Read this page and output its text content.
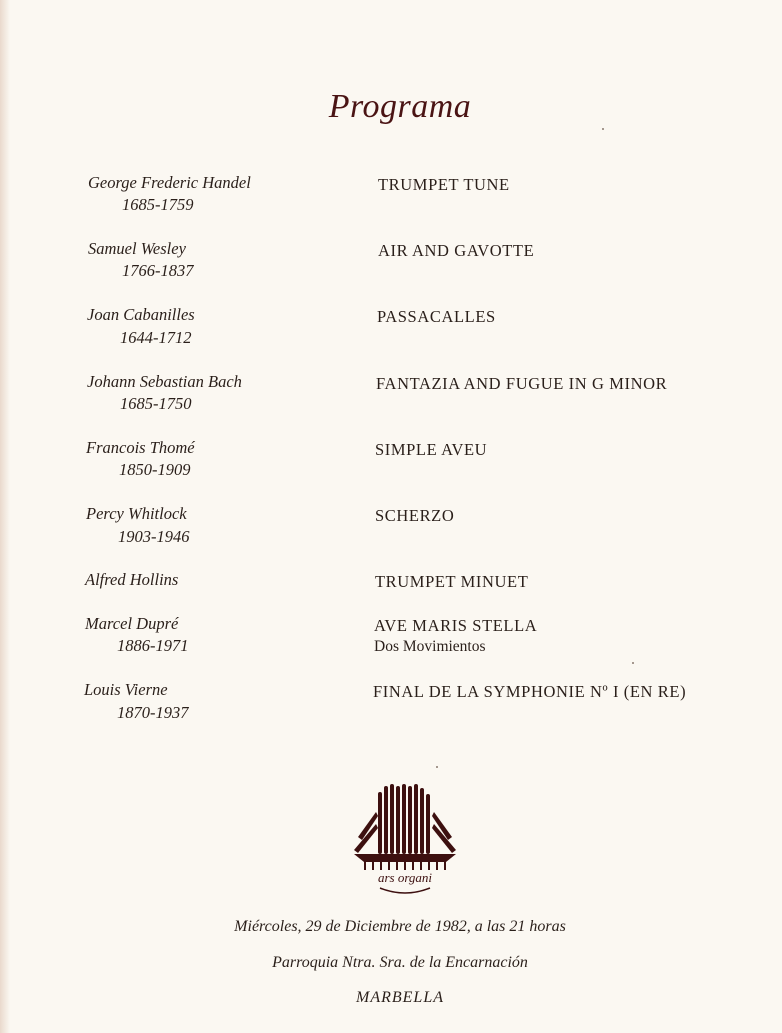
Programa
George Frederic Handel
1685-1759
TRUMPET TUNE
Samuel Wesley
1766-1837
AIR AND GAVOTTE
Joan Cabanilles
1644-1712
PASSACALLES
Johann Sebastian Bach
1685-1750
FANTAZIA AND FUGUE IN G MINOR
Francois Thomé
1850-1909
SIMPLE AVEU
Percy Whitlock
1903-1946
SCHERZO
Alfred Hollins	TRUMPET MINUET
Marcel Dupré
1886-1971
AVE MARIS STELLA
Dos Movimientos
Louis Vierne
1870-1937
FINAL DE LA SYMPHONIE Nº I (EN RE)
ars organi
Miércoles, 29 de Diciembre de 1982, a las 21 horas
Parroquia Ntra. Sra. de la Encarnación
MARBELLA
